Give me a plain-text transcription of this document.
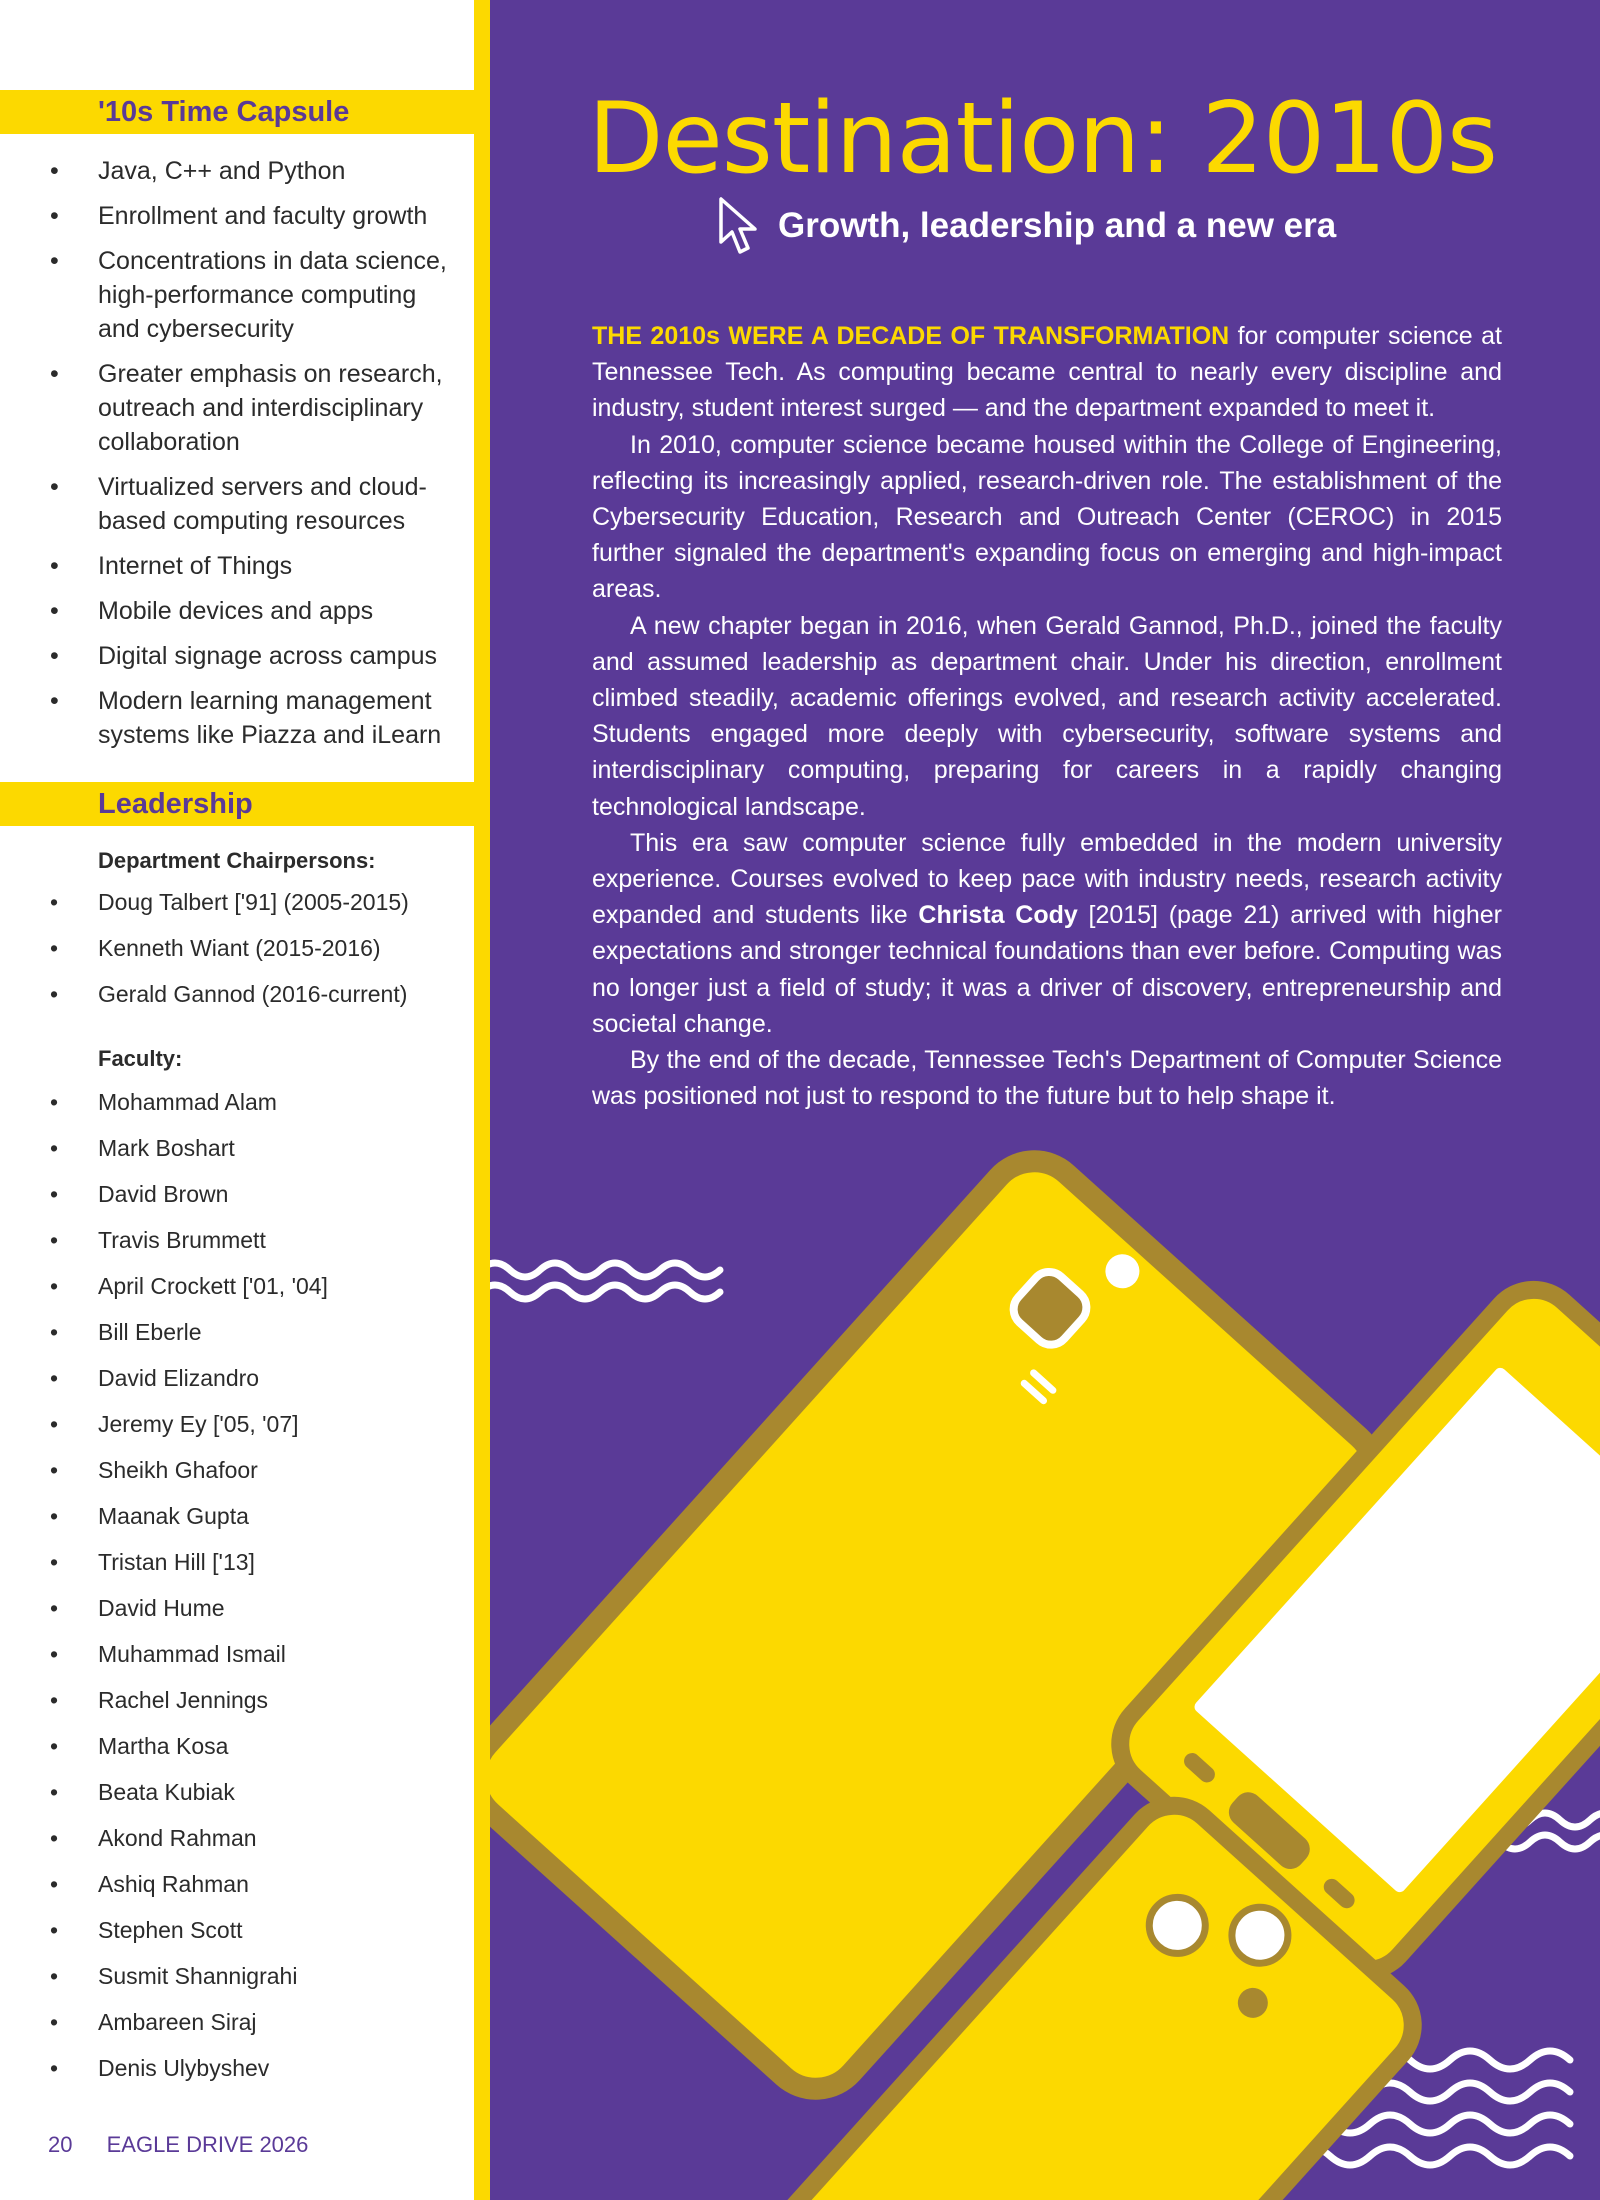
'10s Time Capsule
• Java, C++ and Python
• Enrollment and faculty growth
• Concentrations in data science, high-performance computing and cybersecurity
• Greater emphasis on research, outreach and interdisciplinary collaboration
• Virtualized servers and cloud-based computing resources
• Internet of Things
• Mobile devices and apps
• Digital signage across campus
• Modern learning management systems like Piazza and iLearn
Leadership
Department Chairpersons:
• Doug Talbert ['91] (2005-2015)
• Kenneth Wiant (2015-2016)
• Gerald Gannod (2016-current)
Faculty:
• Mohammad Alam
• Mark Boshart
• David Brown
• Travis Brummett
• April Crockett ['01, '04]
• Bill Eberle
• David Elizandro
• Jeremy Ey ['05, '07]
• Sheikh Ghafoor
• Maanak Gupta
• Tristan Hill ['13]
• David Hume
• Muhammad Ismail
• Rachel Jennings
• Martha Kosa
• Beata Kubiak
• Akond Rahman
• Ashiq Rahman
• Stephen Scott
• Susmit Shannigrahi
• Ambareen Siraj
• Denis Ulybyshev
20 EAGLE DRIVE 2026
Destination: 2010s
Growth, leadership and a new era

THE 2010s WERE A DECADE OF TRANSFORMATION for computer science at Tennessee Tech. As computing became central to nearly every discipline and industry, student interest surged — and the department expanded to meet it.

In 2010, computer science became housed within the College of Engineering, reflecting its increasingly applied, research-driven role. The establishment of the Cybersecurity Education, Research and Outreach Center (CEROC) in 2015 further signaled the department's expanding focus on emerging and high-impact areas.

A new chapter began in 2016, when Gerald Gannod, Ph.D., joined the faculty and assumed leadership as department chair. Under his direction, enrollment climbed steadily, academic offerings evolved, and research activity accelerated. Students engaged more deeply with cybersecurity, software systems and interdisciplinary computing, preparing for careers in a rapidly changing technological landscape.

This era saw computer science fully embedded in the modern university experience. Courses evolved to keep pace with industry needs, research activity expanded and students like Christa Cody [2015] (page 21) arrived with higher expectations and stronger technical foundations than ever before. Computing was no longer just a field of study; it was a driver of discovery, entrepreneurship and societal change.

By the end of the decade, Tennessee Tech's Department of Computer Science was positioned not just to respond to the future but to help shape it.
